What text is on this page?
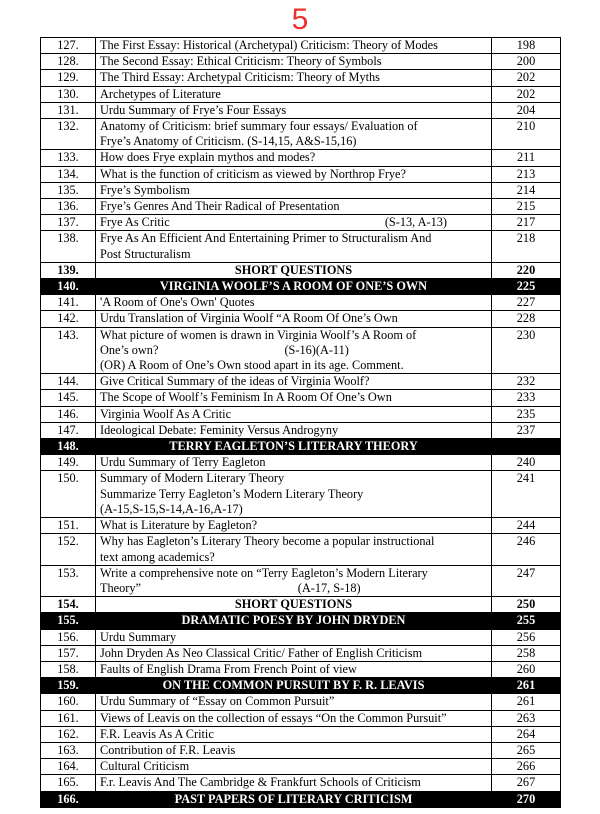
5
127.	The First Essay: Historical (Archetypal) Criticism: Theory of Modes	198
128.	The Second Essay: Ethical Criticism: Theory of Symbols	200
129.	The Third Essay: Archetypal Criticism: Theory of Myths	202
130.	Archetypes of Literature	202
131.	Urdu Summary of Frye’s Four Essays	204
132.	Anatomy of Criticism: brief summary four essays/ Evaluation of
Frye’s Anatomy of Criticism. (S-14,15, A&S-15,16)	210
133.	How does Frye explain mythos and modes?	211
134.	What is the function of criticism as viewed by Northrop Frye?	213
135.	Frye’s Symbolism	214
136.	Frye’s Genres And Their Radical of Presentation	215
137.	Frye As Critic (S-13, A-13)	217
138.	Frye As An Efficient And Entertaining Primer to Structuralism And
Post Structuralism	218
139.	SHORT QUESTIONS	220
140.	VIRGINIA WOOLF’S A ROOM OF ONE’S OWN	225
141.	'A Room of One's Own' Quotes	227
142.	Urdu Translation of Virginia Woolf “A Room Of One’s Own	228
143.	What picture of women is drawn in Virginia Woolf’s A Room of
One’s own?                                         (S-16)(A-11)
(OR) A Room of One’s Own stood apart in its age. Comment.	230
144.	Give Critical Summary of the ideas of Virginia Woolf?	232
145.	The Scope of Woolf’s Feminism In A Room Of One’s Own	233
146.	Virginia Woolf As A Critic	235
147.	Ideological Debate: Feminity Versus Androgyny	237
148.	TERRY EAGLETON’S LITERARY THEORY	

149.	Urdu Summary of Terry Eagleton	240
150.	Summary of Modern Literary Theory
Summarize Terry Eagleton’s Modern Literary Theory
(A-15,S-15,S-14,A-16,A-17)	241
151.	What is Literature by Eagleton?	244
152.	Why has Eagleton’s Literary Theory become a popular instructional
text among academics?	246
153.	Write a comprehensive note on “Terry Eagleton’s Modern Literary
Theory”                                                   (A-17, S-18)	247
154.	SHORT QUESTIONS	250
155.	DRAMATIC POESY BY JOHN DRYDEN	255
156.	Urdu Summary	256
157.	John Dryden As Neo Classical Critic/ Father of English Criticism	258
158.	Faults of English Drama From French Point of view	260
159.	ON THE COMMON PURSUIT BY F. R. LEAVIS	261
160.	Urdu Summary of “Essay on Common Pursuit”	261
161.	Views of Leavis on the collection of essays “On the Common Pursuit”	263
162.	F.R. Leavis As A Critic	264
163.	Contribution of F.R. Leavis	265
164.	Cultural Criticism	266
165.	F.r. Leavis And The Cambridge & Frankfurt Schools of Criticism	267
166.	PAST PAPERS OF LITERARY CRITICISM	270
